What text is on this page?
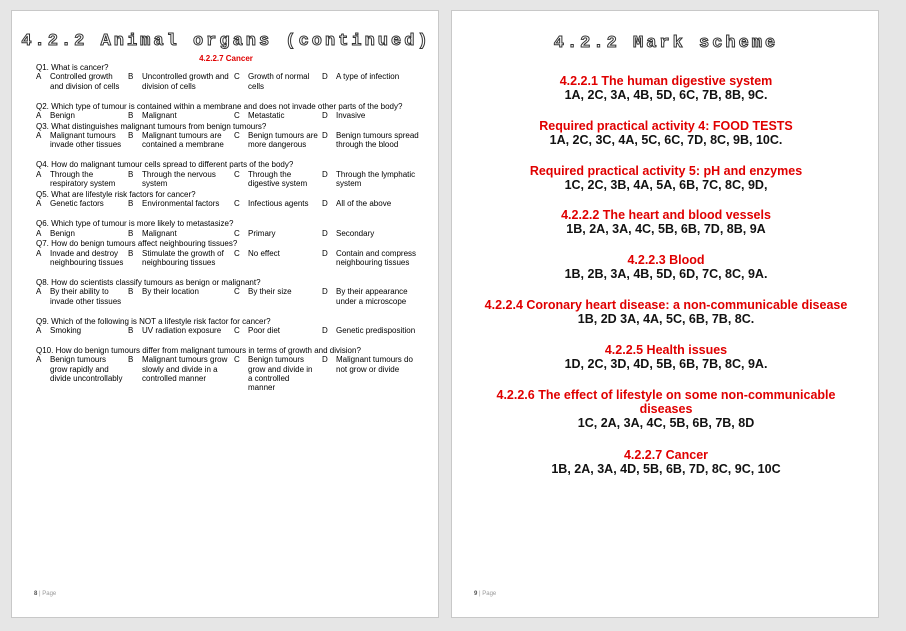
4.2.2 Animal organs (continued)
4.2.2.7 Cancer
Q1. What is cancer?
A Controlled growth and division of cells
B Uncontrolled growth and division of cells
C Growth of normal cells
D A type of infection
Q2. Which type of tumour is contained within a membrane and does not invade other parts of the body?
A Benign	B Malignant	C Metastatic	D Invasive
Q3. What distinguishes malignant tumours from benign tumours?
A Malignant tumours invade other tissues
B Malignant tumours are contained a membrane
C Benign tumours are more dangerous
D Benign tumours spread through the blood
Q4. How do malignant tumour cells spread to different parts of the body?
A Through the respiratory system
B Through the nervous system
C Through the digestive system
D Through the lymphatic system
Q5. What are lifestyle risk factors for cancer?
A Genetic factors	B Environmental factors	C Infectious agents	D All of the above
Q6. Which type of tumour is more likely to metastasize?
A Benign	B Malignant	C Primary	D Secondary
Q7. How do benign tumours affect neighbouring tissues?
A Invade and destroy neighbouring tissues
B Stimulate the growth of neighbouring tissues
C No effect	D Contain and compress neighbouring tissues
Q8. How do scientists classify tumours as benign or malignant?
A By their ability to invade other tissues
B By their location	C By their size	D By their appearance under a microscope
Q9. Which of the following is NOT a lifestyle risk factor for cancer?
A Smoking	B UV radiation exposure	C Poor diet	D Genetic predisposition
Q10. How do benign tumours differ from malignant tumours in terms of growth and division?
A Benign tumours grow rapidly and divide uncontrollably
B Malignant tumours grow slowly and divide in a controlled manner
C Benign tumours grow and divide in a controlled manner
D Malignant tumours do not grow or divide
8 | Page
4.2.2 Mark scheme
4.2.2.1 The human digestive system
1A, 2C, 3A, 4B, 5D, 6C, 7B, 8B, 9C.
Required practical activity 4: FOOD TESTS
1A, 2C, 3C, 4A, 5C, 6C, 7D, 8C, 9B, 10C.
Required practical activity 5: pH and enzymes
1C, 2C, 3B, 4A, 5A, 6B, 7C, 8C, 9D,
4.2.2.2 The heart and blood vessels
1B, 2A, 3A, 4C, 5B, 6B, 7D, 8B, 9A
4.2.2.3 Blood
1B, 2B, 3A, 4B, 5D, 6D, 7C, 8C, 9A.
4.2.2.4 Coronary heart disease: a non-communicable disease
1B, 2D 3A, 4A, 5C, 6B, 7B, 8C.
4.2.2.5 Health issues
1D, 2C, 3D, 4D, 5B, 6B, 7B, 8C, 9A.
4.2.2.6 The effect of lifestyle on some non-communicable diseases
1C, 2A, 3A, 4C, 5B, 6B, 7B, 8D
4.2.2.7 Cancer
1B, 2A, 3A, 4D, 5B, 6B, 7D, 8C, 9C, 10C
9 | Page
